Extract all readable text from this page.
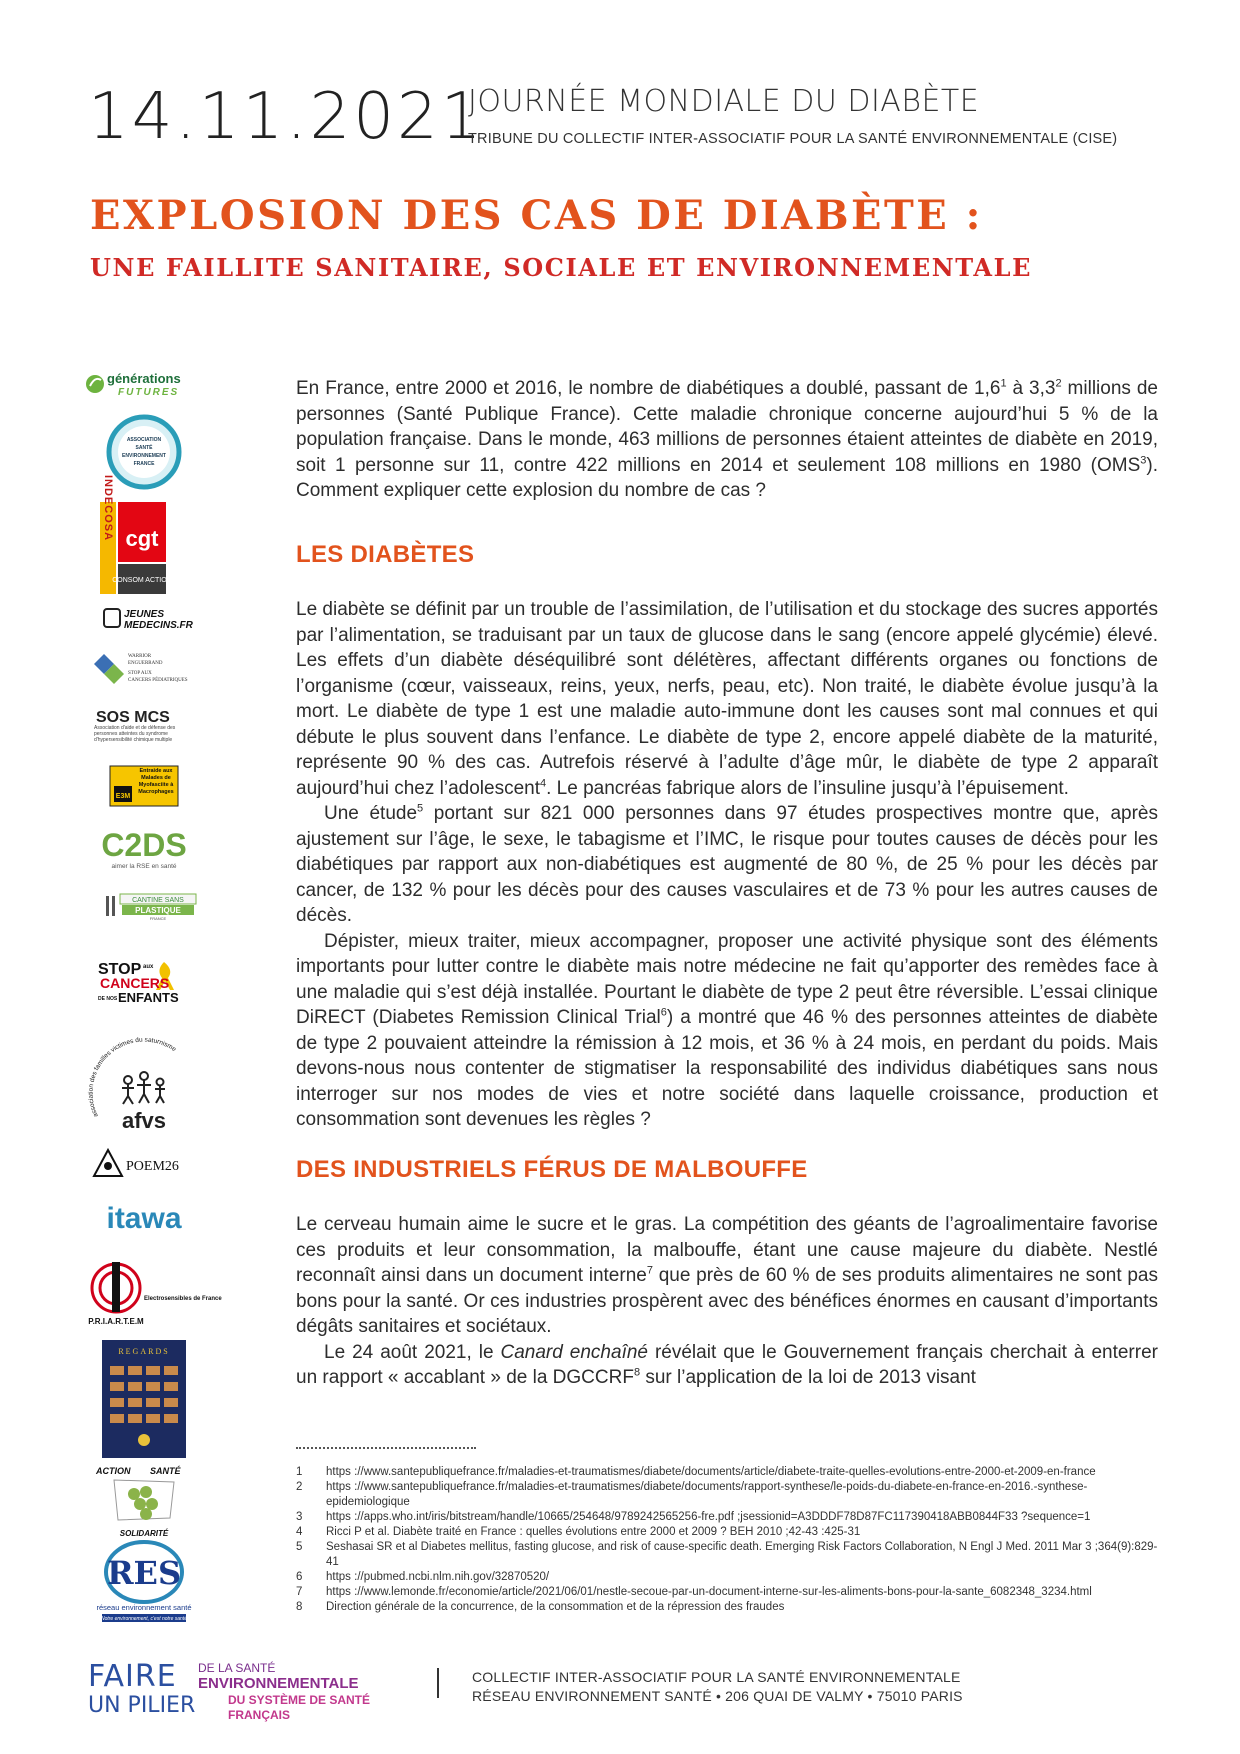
14.11.2021
JOURNÉE MONDIALE DU DIABÈTE
TRIBUNE DU COLLECTIF INTER-ASSOCIATIF POUR LA SANTÉ ENVIRONNEMENTALE (CISE)
EXPLOSION DES CAS DE DIABÈTE :
UNE FAILLITE SANITAIRE, SOCIALE ET ENVIRONNEMENTALE
générations
FUTURES
ASSOCIATION
SANTÉ
ENVIRONNEMENT
FRANCE
INDECOSA cgt
CONSOM ACTION
JEUNES
MEDECINS.FR
WARRIOR
ENGUERRAND
STOP AUX
CANCERS PÉDIATRIQUES
SOS MCS
Association d'aide et de défense des personnes atteintes du syndrome d'hypersensibilité chimique multiple
E3M
Entraide aux Malades de Myofasciite à Macrophages
C2DS
aimer la RSE en santé
CANTINE SANS
PLASTIQUE
FRANCE
STOP aux
CANCERS
DE NOS ENFANTS
association des familles victimes du saturnisme
afvs
POEM26
itawa
Electrosensibles de France
P.R.I.A.R.T.E.M
REGARDS
ACTION SANTÉ
SOLIDARITÉ
RES
réseau environnement santé
Notre environnement, c'est notre santé

En France, entre 2000 et 2016, le nombre de diabétiques a doublé, passant de $1,6^1$ à $3,3^2$ millions de personnes (Santé Publique France). Cette maladie chronique concerne aujourd’hui 5 % de la population française. Dans le monde, 463 millions de personnes étaient atteintes de diabète en 2019, soit 1 personne sur 11, contre 422 millions en 2014 et seulement 108 millions en 1980 (OMS$^3$). Comment expliquer cette explosion du nombre de cas ?

LES DIABÈTES

Le diabète se définit par un trouble de l’assimilation, de l’utilisation et du stockage des sucres apportés par l’alimentation, se traduisant par un taux de glucose dans le sang (encore appelé glycémie) élevé. Les effets d’un diabète déséquilibré sont délétères, affectant différents organes ou fonctions de l’organisme (cœur, vaisseaux, reins, yeux, nerfs, peau, etc). Non traité, le diabète évolue jusqu’à la mort. Le diabète de type 1 est une maladie auto-immune dont les causes sont mal connues et qui débute le plus souvent dans l’enfance. Le diabète de type 2, encore appelé diabète de la maturité, représente 90 % des cas. Autrefois réservé à l’adulte d’âge mûr, le diabète de type 2 apparaît aujourd’hui chez l’adolescent$^4$. Le pancréas fabrique alors de l’insuline jusqu’à l’épuisement.

Une étude$^5$ portant sur 821 000 personnes dans 97 études prospectives montre que, après ajustement sur l’âge, le sexe, le tabagisme et l’IMC, le risque pour toutes causes de décès pour les diabétiques par rapport aux non-diabétiques est augmenté de 80 %, de 25 % pour les décès par cancer, de 132 % pour les décès pour des causes vasculaires et de 73 % pour les autres causes de décès.

Dépister, mieux traiter, mieux accompagner, proposer une activité physique sont des éléments importants pour lutter contre le diabète mais notre médecine ne fait qu’apporter des remèdes face à une maladie qui s’est déjà installée. Pourtant le diabète de type 2 peut être réversible. L’essai clinique DiRECT (Diabetes Remission Clinical Trial$^6$) a montré que 46 % des personnes atteintes de diabète de type 2 pouvaient atteindre la rémission à 12 mois, et 36 % à 24 mois, en perdant du poids. Mais devons-nous nous contenter de stigmatiser la responsabilité des individus diabétiques sans nous interroger sur nos modes de vies et notre société dans laquelle croissance, production et consommation sont devenues les règles ?

DES INDUSTRIELS FÉRUS DE MALBOUFFE

Le cerveau humain aime le sucre et le gras. La compétition des géants de l’agroalimentaire favorise ces produits et leur consommation, la malbouffe, étant une cause majeure du diabète. Nestlé reconnaît ainsi dans un document interne$^7$ que près de 60 % de ses produits alimentaires ne sont pas bons pour la santé. Or ces industries prospèrent avec des bénéfices énormes en causant d’importants dégâts sanitaires et sociétaux.

Le 24 août 2021, le Canard enchaîné révélait que le Gouvernement français cherchait à enterrer un rapport « accablant » de la DGCCRF$^8$ sur l’application de la loi de 2013 visant

1	https ://www.santepubliquefrance.fr/maladies-et-traumatismes/diabete/documents/article/diabete-traite-quelles-evolutions-entre-2000-et-2009-en-france
2	https ://www.santepubliquefrance.fr/maladies-et-traumatismes/diabete/documents/rapport-synthese/le-poids-du-diabete-en-france-en-2016.-synthese-epidemiologique
3	https ://apps.who.int/iris/bitstream/handle/10665/254648/9789242565256-fre.pdf ;jsessionid=A3DDDF78D87FC117390418ABB0844F33 ?sequence=1
4	Ricci P et al. Diabète traité en France : quelles évolutions entre 2000 et 2009 ? BEH 2010 ;42-43 :425-31
5	Seshasai SR et al Diabetes mellitus, fasting glucose, and risk of cause-specific death. Emerging Risk Factors Collaboration, N Engl J Med. 2011 Mar 3 ;364(9):829-41
6	https ://pubmed.ncbi.nlm.nih.gov/32870520/
7	https ://www.lemonde.fr/economie/article/2021/06/01/nestle-secoue-par-un-document-interne-sur-les-aliments-bons-pour-la-sante_6082348_3234.html
8	Direction générale de la concurrence, de la consommation et de la répression des fraudes
FAIRE DE LA SANTÉ
ENVIRONNEMENTALE
UN PILIER	DU SYSTÈME DE SANTÉ
FRANÇAIS
COLLECTIF INTER-ASSOCIATIF POUR LA SANTÉ ENVIRONNEMENTALE
RÉSEAU ENVIRONNEMENT SANTÉ • 206 QUAI DE VALMY • 75010 PARIS
